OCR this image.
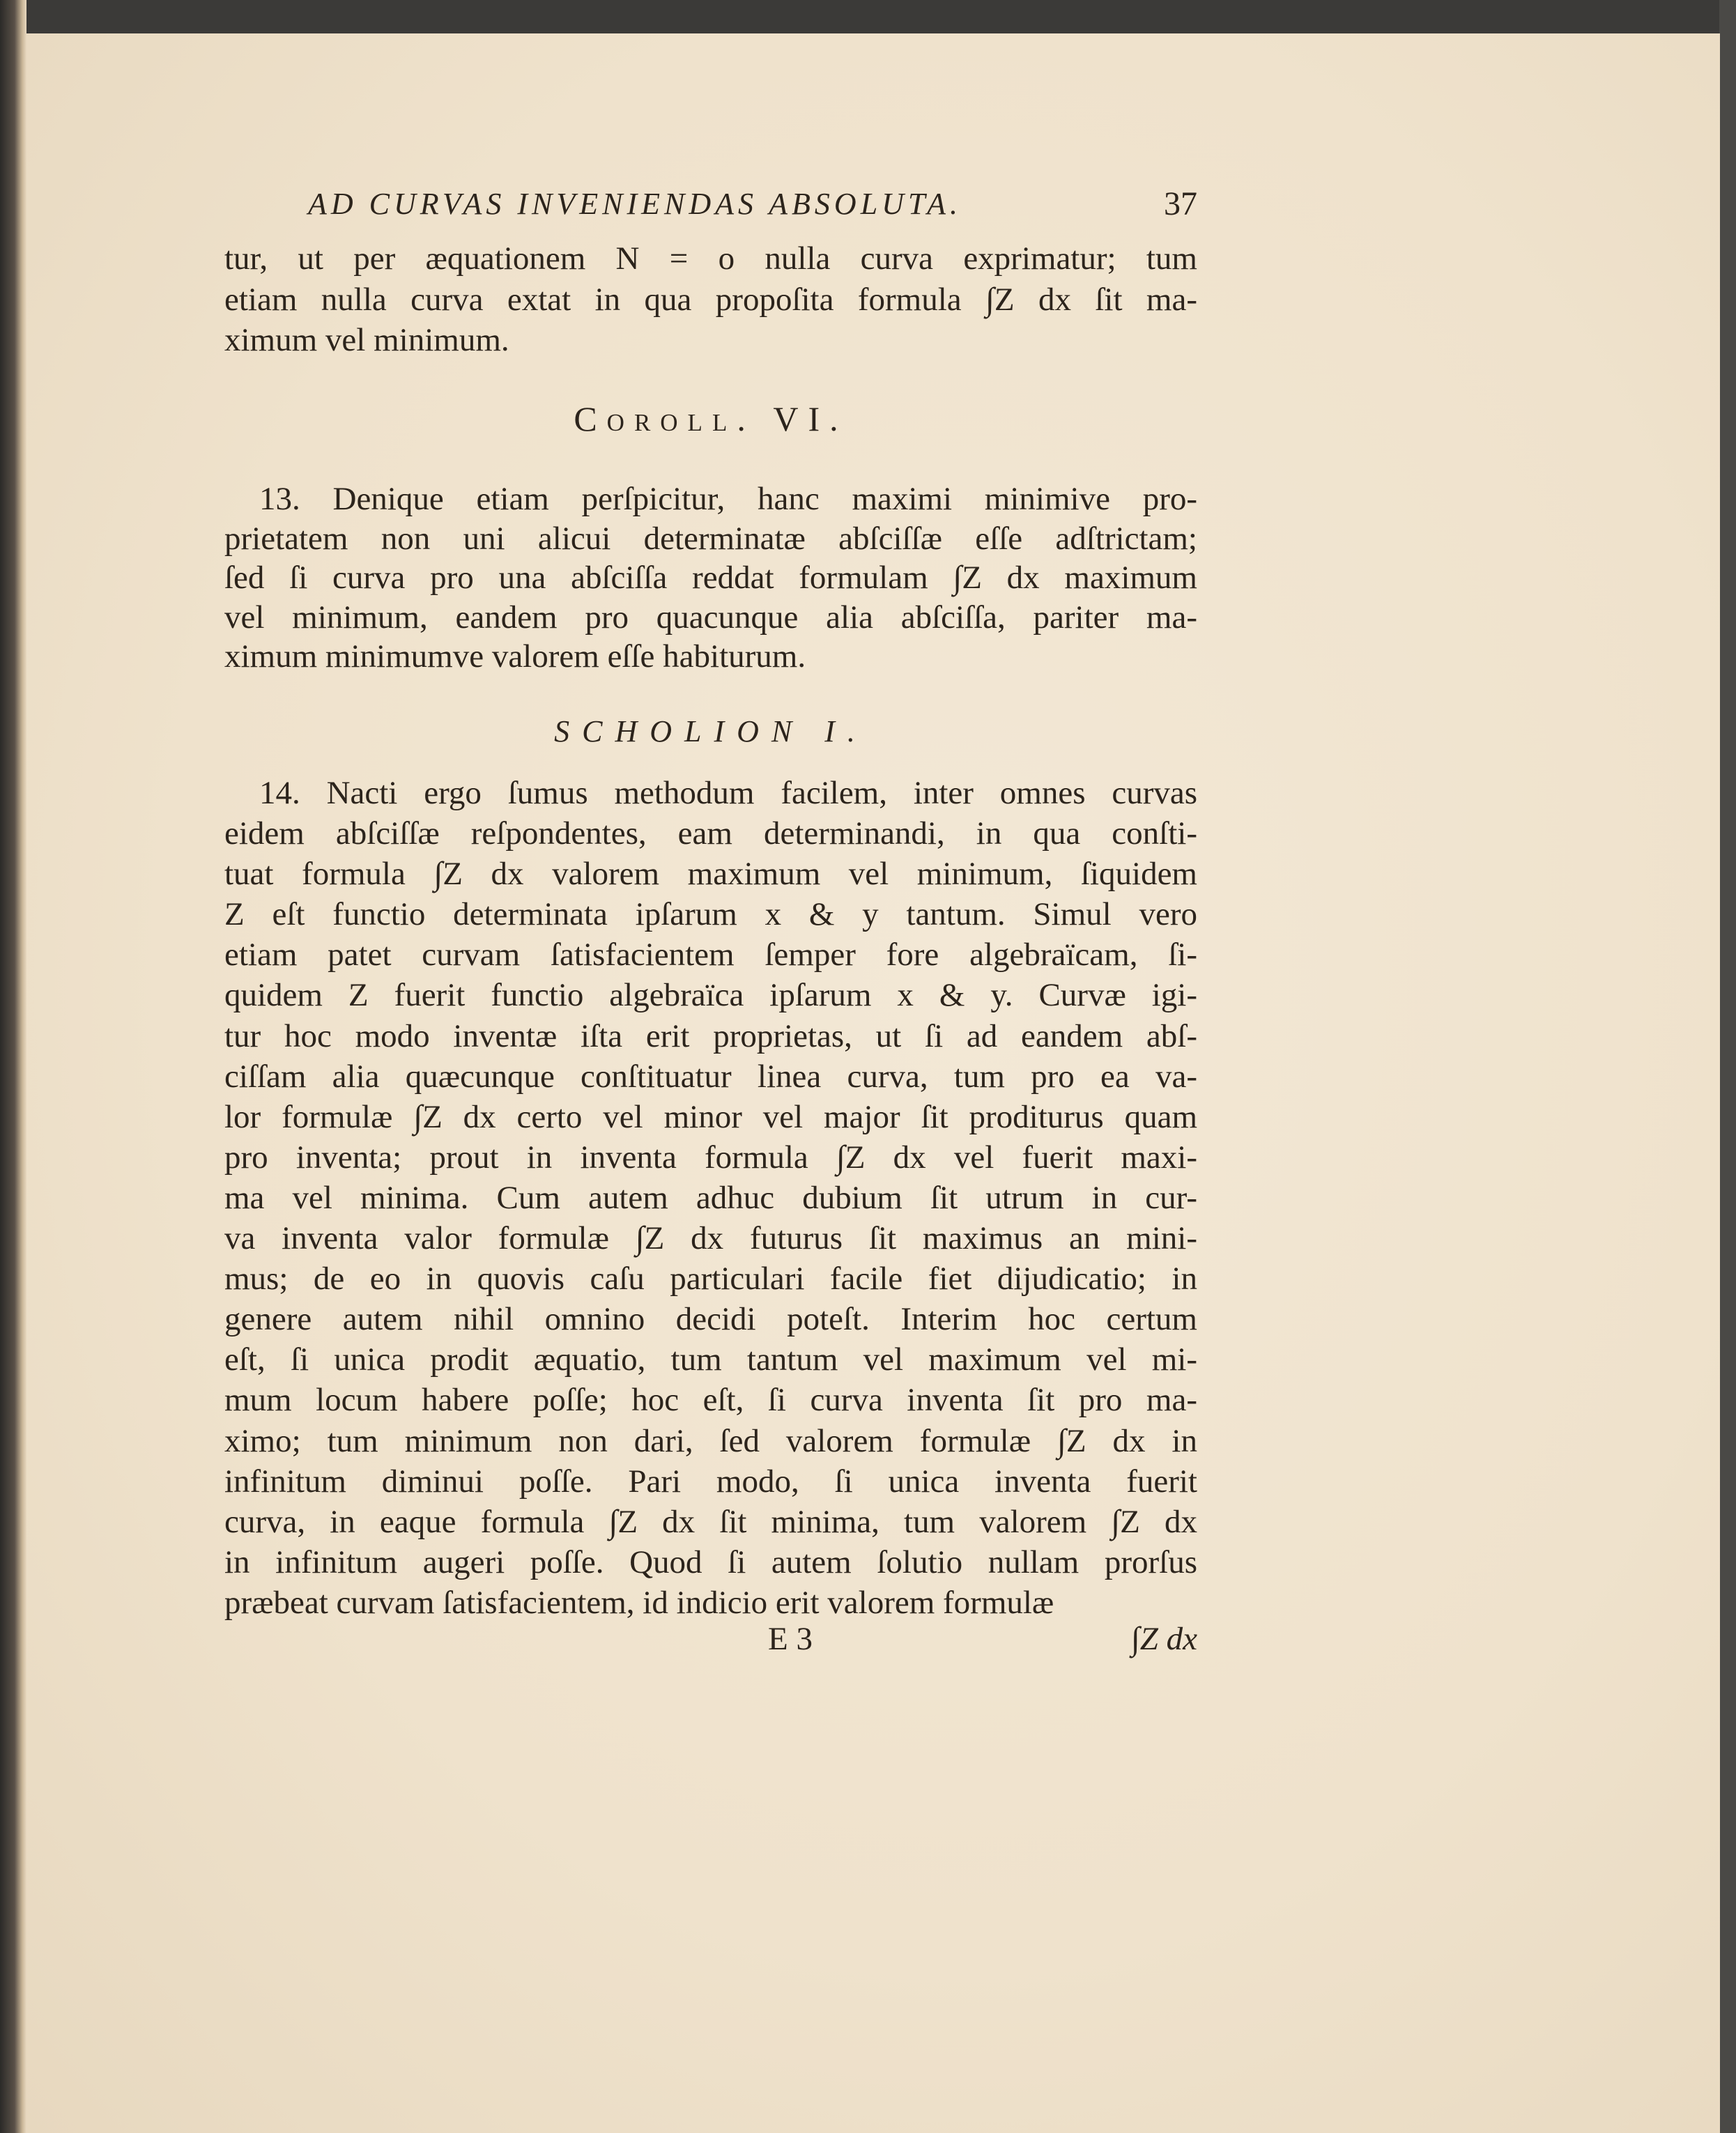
AD CURVAS INVENIENDAS ABSOLUTA.	37
tur, ut per æquationem N = o nulla curva exprimatur; tum
etiam nulla curva extat in qua propoſita formula ∫Z dx ſit ma-
ximum vel minimum.
Coroll. VI.
13. Denique etiam perſpicitur, hanc maximi minimive pro-
prietatem non uni alicui determinatæ abſciſſæ eſſe adſtrictam;
ſed ſi curva pro una abſciſſa reddat formulam ∫Z dx maximum
vel minimum, eandem pro quacunque alia abſciſſa, pariter ma-
ximum minimumve valorem eſſe habiturum.
SCHOLION I.
14. Nacti ergo ſumus methodum facilem, inter omnes curvas
eidem abſciſſæ reſpondentes, eam determinandi, in qua conſti-
tuat formula ∫Z dx valorem maximum vel minimum, ſiquidem
Z eſt functio determinata ipſarum x & y tantum. Simul vero
etiam patet curvam ſatisfacientem ſemper fore algebraïcam, ſi-
quidem Z fuerit functio algebraïca ipſarum x & y. Curvæ igi-
tur hoc modo inventæ iſta erit proprietas, ut ſi ad eandem abſ-
ciſſam alia quæcunque conſtituatur linea curva, tum pro ea va-
lor formulæ ∫Z dx certo vel minor vel major ſit proditurus quam
pro inventa; prout in inventa formula ∫Z dx vel fuerit maxi-
ma vel minima. Cum autem adhuc dubium ſit utrum in cur-
va inventa valor formulæ ∫Z dx futurus ſit maximus an mini-
mus; de eo in quovis caſu particulari facile fiet dijudicatio; in
genere autem nihil omnino decidi poteſt. Interim hoc certum
eſt, ſi unica prodit æquatio, tum tantum vel maximum vel mi-
mum locum habere poſſe; hoc eſt, ſi curva inventa ſit pro ma-
ximo; tum minimum non dari, ſed valorem formulæ ∫Z dx in
infinitum diminui poſſe. Pari modo, ſi unica inventa fuerit
curva, in eaque formula ∫Z dx ſit minima, tum valorem ∫Z dx
in infinitum augeri poſſe. Quod ſi autem ſolutio nullam prorſus
præbeat curvam ſatisfacientem, id indicio erit valorem formulæ
E 3	∫Z dx
